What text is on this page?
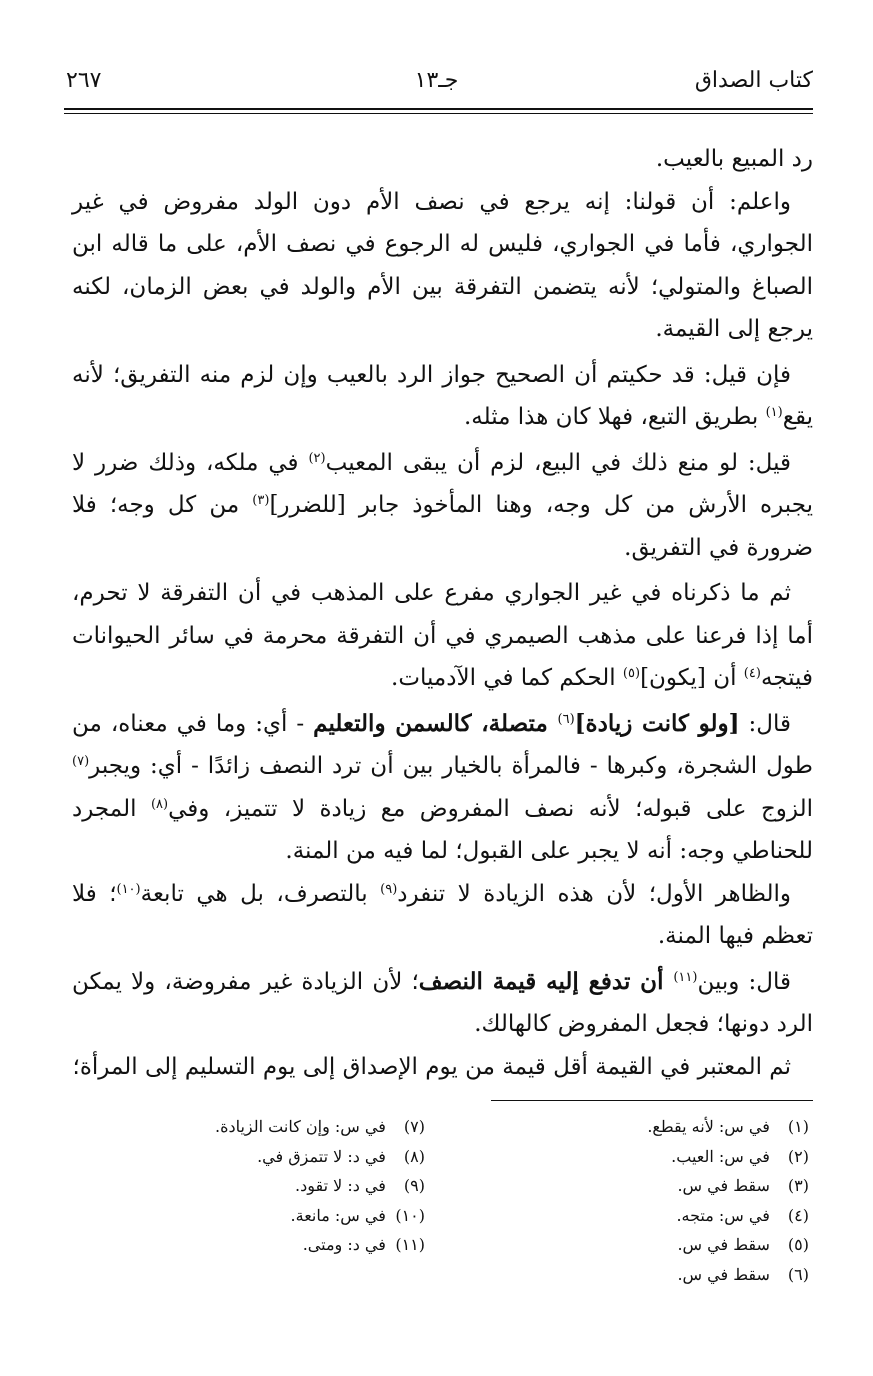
كتاب الصداق
جـ١٣
٢٦٧

رد المبيع بالعيب.

واعلم: أن قولنا: إنه يرجع في نصف الأم دون الولد مفروض في غير الجواري، فأما في الجواري، فليس له الرجوع في نصف الأم، على ما قاله ابن الصباغ والمتولي؛ لأنه يتضمن التفرقة بين الأم والولد في بعض الزمان، لكنه يرجع إلى القيمة.

فإن قيل: قد حكيتم أن الصحيح جواز الرد بالعيب وإن لزم منه التفريق؛ لأنه يقع$^{(١)}$ بطريق التبع، فهلا كان هذا مثله.

قيل: لو منع ذلك في البيع، لزم أن يبقى المعيب$^{(٢)}$ في ملكه، وذلك ضرر لا يجبره الأرش من كل وجه، وهنا المأخوذ جابر [للضرر]$^{(٣)}$ من كل وجه؛ فلا ضرورة في التفريق.

ثم ما ذكرناه في غير الجواري مفرع على المذهب في أن التفرقة لا تحرم، أما إذا فرعنا على مذهب الصيمري في أن التفرقة محرمة في سائر الحيوانات فيتجه$^{(٤)}$ أن [يكون]$^{(٥)}$ الحكم كما في الآدميات.

قال: [ولو كانت زيادة]$^{(٦)}$ متصلة، كالسمن والتعليم - أي: وما في معناه، من طول الشجرة، وكبرها - فالمرأة بالخيار بين أن ترد النصف زائدًا - أي: ويجبر$^{(٧)}$ الزوج على قبوله؛ لأنه نصف المفروض مع زيادة لا تتميز، وفي$^{(٨)}$ المجرد للحناطي وجه: أنه لا يجبر على القبول؛ لما فيه من المنة.

والظاهر الأول؛ لأن هذه الزيادة لا تنفرد$^{(٩)}$ بالتصرف، بل هي تابعة$^{(١٠)}$؛ فلا تعظم فيها المنة.

قال: وبين$^{(١١)}$ أن تدفع إليه قيمة النصف؛ لأن الزيادة غير مفروضة، ولا يمكن الرد دونها؛ فجعل المفروض كالهالك.

ثم المعتبر في القيمة أقل قيمة من يوم الإصداق إلى يوم التسليم إلى المرأة؛

(١) في س: لأنه يقطع.
(٢) في س: العيب.
(٣) سقط في س.
(٤) في س: متجه.
(٥) سقط في س.
(٦) سقط في س.
(٧) في س: وإن كانت الزيادة.
(٨) في د: لا تتمزق في.
(٩) في د: لا تقود.
(١٠) في س: مانعة.
(١١) في د: ومتى.
